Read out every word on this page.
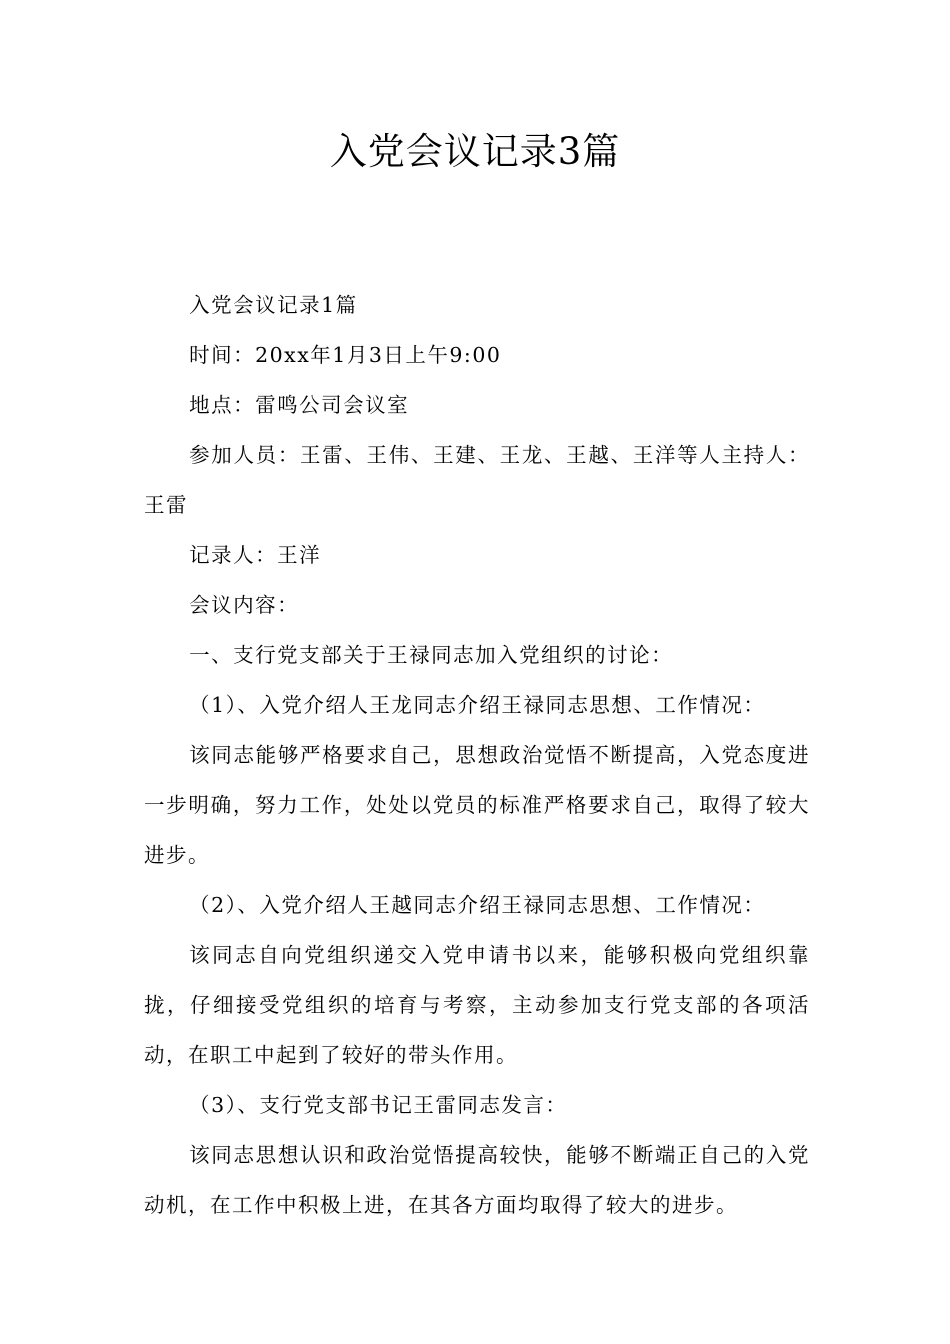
入党会议记录3篇

入党会议记录1篇

时间：20xx年1月3日上午9:00

地点：雷鸣公司会议室

参加人员：王雷、王伟、王建、王龙、王越、王洋等人主持人：王雷

记录人：王洋

会议内容：

一、支行党支部关于王禄同志加入党组织的讨论：

（1）、入党介绍人王龙同志介绍王禄同志思想、工作情况：

该同志能够严格要求自己，思想政治觉悟不断提高，入党态度进一步明确，努力工作，处处以党员的标准严格要求自己，取得了较大进步。

（2）、入党介绍人王越同志介绍王禄同志思想、工作情况：

该同志自向党组织递交入党申请书以来，能够积极向党组织靠拢，仔细接受党组织的培育与考察，主动参加支行党支部的各项活动，在职工中起到了较好的带头作用。

（3）、支行党支部书记王雷同志发言：

该同志思想认识和政治觉悟提高较快，能够不断端正自己的入党动机，在工作中积极上进，在其各方面均取得了较大的进步。
